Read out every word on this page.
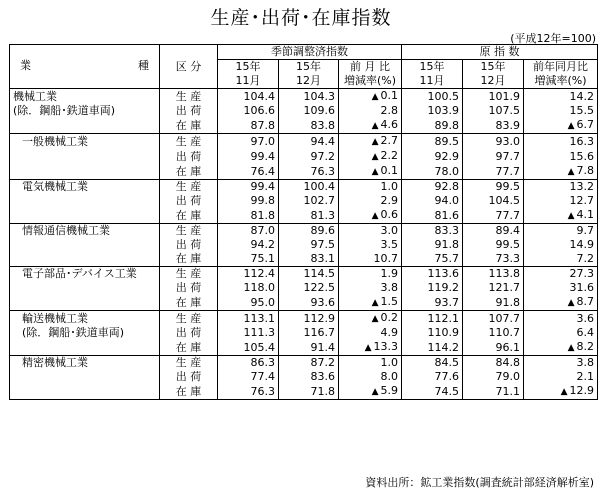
生産･出荷･在庫指数
(平成12年=100)
業 種	区 分	季節調整済指数			原 指 数		
		15年	15年	前 月 比	15年	15年	前年同月比
		11月	12月	増減率(%)	11月	12月	増減率(%)
機械工業	生 産	104.4	104.3	▲ 0.1	100.5	101.9	14.2
(除．鋼船･鉄道車両)	出 荷	106.6	109.6	2.8	103.9	107.5	15.5
	在 庫	87.8	83.8	▲ 4.6	89.8	83.9	▲ 6.7
一般機械工業	生 産	97.0	94.4	▲ 2.7	89.5	93.0	16.3
	出 荷	99.4	97.2	▲ 2.2	92.9	97.7	15.6
	在 庫	76.4	76.3	▲ 0.1	78.0	77.7	▲ 7.8
電気機械工業	生 産	99.4	100.4	1.0	92.8	99.5	13.2
	出 荷	99.8	102.7	2.9	94.0	104.5	12.7
	在 庫	81.8	81.3	▲ 0.6	81.6	77.7	▲ 4.1
情報通信機械工業	生 産	87.0	89.6	3.0	83.3	89.4	9.7
	出 荷	94.2	97.5	3.5	91.8	99.5	14.9
	在 庫	75.1	83.1	10.7	75.7	73.3	7.2
電子部品･デバイス工業	生 産	112.4	114.5	1.9	113.6	113.8	27.3
	出 荷	118.0	122.5	3.8	119.2	121.7	31.6
	在 庫	95.0	93.6	▲ 1.5	93.7	91.8	▲ 8.7
輸送機械工業	生 産	113.1	112.9	▲ 0.2	112.1	107.7	3.6
(除．鋼船･鉄道車両)	出 荷	111.3	116.7	4.9	110.9	110.7	6.4
	在 庫	105.4	91.4	▲ 13.3	114.2	96.1	▲ 8.2
精密機械工業	生 産	86.3	87.2	1.0	84.5	84.8	3.8
	出 荷	77.4	83.6	8.0	77.6	79.0	2.1
	在 庫	76.3	71.8	▲ 5.9	74.5	71.1	▲ 12.9
資料出所：鉱工業指数(調査統計部経済解析室)
